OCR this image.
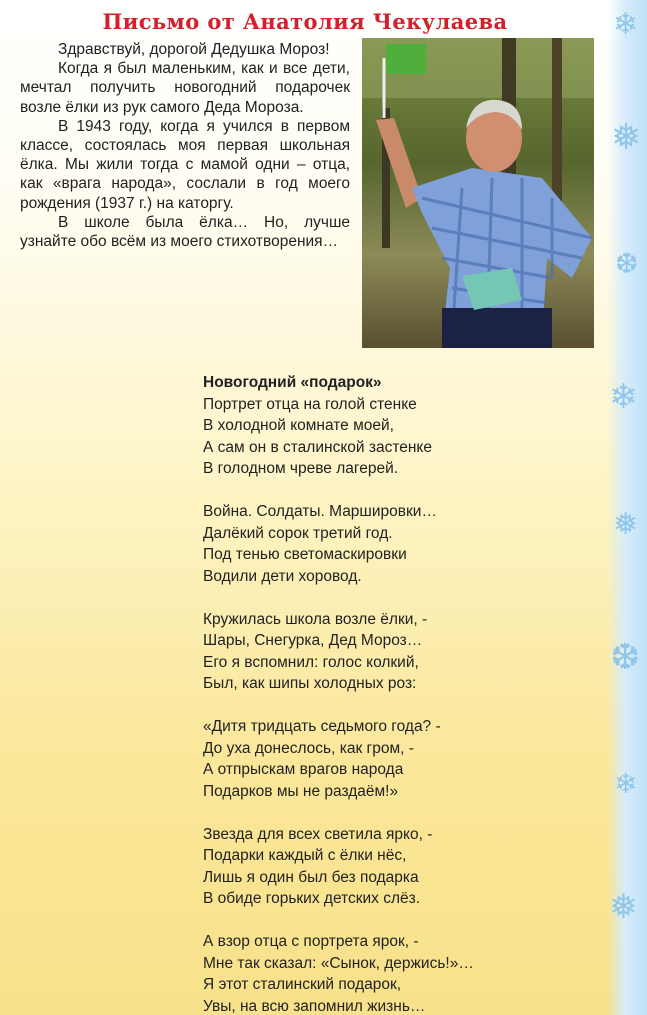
❄
❅
❆
❄
❅
❆
❄
❅
Письмо от Анатолия Чекулаева

Здравствуй, дорогой Дедушка Мороз!

Когда я был маленьким, как и все дети, мечтал получить новогодний подарочек возле ёлки из рук самого Деда Мороза.

В 1943 году, когда я учился в первом классе, состоялась моя первая школьная ёлка. Мы жили тогда с мамой одни – отца, как «врага народа», сослали в год моего рождения (1937 г.) на каторгу.

В школе была ёлка… Но, лучше узнайте обо всём из моего стихотворения…

Новогодний «подарок»
Портрет отца на голой стенке
В холодной комнате моей,
А сам он в сталинской застенке
В голодном чреве лагерей.
Война. Солдаты. Маршировки…
Далёкий сорок третий год.
Под тенью светомаскировки
Водили дети хоровод.
Кружилась школа возле ёлки, -
Шары, Снегурка, Дед Мороз…
Его я вспомнил: голос колкий,
Был, как шипы холодных роз:
«Дитя тридцать седьмого года? -
До уха донеслось, как гром, -
А отпрыскам врагов народа
Подарков мы не раздаём!»
Звезда для всех светила ярко, -
Подарки каждый с ёлки нёс,
Лишь я один был без подарка
В обиде горьких детских слёз.
А взор отца с портрета ярок, -
Мне так сказал: «Сынок, держись!»…
Я этот сталинский подарок,
Увы, на всю запомнил жизнь…
